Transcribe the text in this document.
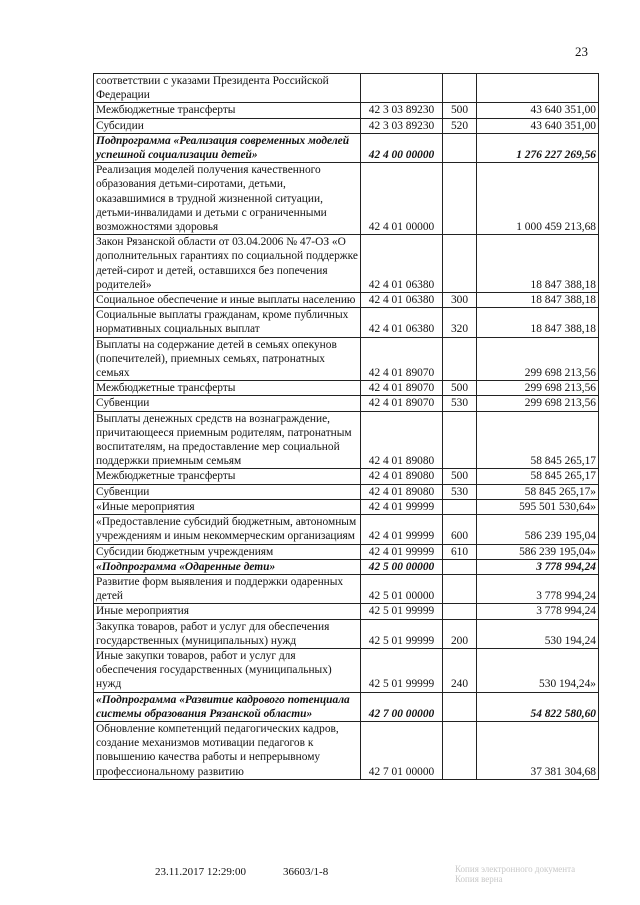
23
соответствии с указами Президента Российской Федерации			
Межбюджетные трансферты	42 3 03 89230	500	43 640 351,00
Субсидии	42 3 03 89230	520	43 640 351,00
Подпрограмма «Реализация современных моделей успешной социализации детей»	42 4 00 00000		1 276 227 269,56
Реализация моделей получения качественного образования детьми-сиротами, детьми, оказавшимися в трудной жизненной ситуации, детьми-инвалидами и детьми с ограниченными возможностями здоровья	42 4 01 00000		1 000 459 213,68
Закон Рязанской области от 03.04.2006 № 47-ОЗ «О дополнительных гарантиях по социальной поддержке детей-сирот и детей, оставшихся без попечения родителей»	42 4 01 06380		18 847 388,18
Социальное обеспечение и иные выплаты населению	42 4 01 06380	300	18 847 388,18
Социальные выплаты гражданам, кроме публичных нормативных социальных выплат	42 4 01 06380	320	18 847 388,18
Выплаты на содержание детей в семьях опекунов (попечителей), приемных семьях, патронатных семьях	42 4 01 89070		299 698 213,56
Межбюджетные трансферты	42 4 01 89070	500	299 698 213,56
Субвенции	42 4 01 89070	530	299 698 213,56
Выплаты денежных средств на вознаграждение, причитающееся приемным родителям, патронатным воспитателям, на предоставление мер социальной поддержки приемным семьям	42 4 01 89080		58 845 265,17
Межбюджетные трансферты	42 4 01 89080	500	58 845 265,17
Субвенции	42 4 01 89080	530	58 845 265,17»
«Иные мероприятия	42 4 01 99999		595 501 530,64»
«Предоставление субсидий бюджетным, автономным учреждениям и иным некоммерческим организациям	42 4 01 99999	600	586 239 195,04
Субсидии бюджетным учреждениям	42 4 01 99999	610	586 239 195,04»
«Подпрограмма «Одаренные дети»	42 5 00 00000		3 778 994,24
Развитие форм выявления и поддержки одаренных детей	42 5 01 00000		3 778 994,24
Иные мероприятия	42 5 01 99999		3 778 994,24
Закупка товаров, работ и услуг для обеспечения государственных (муниципальных) нужд	42 5 01 99999	200	530 194,24
Иные закупки товаров, работ и услуг для обеспечения государственных (муниципальных) нужд	42 5 01 99999	240	530 194,24»
«Подпрограмма «Развитие кадрового потенциала системы образования Рязанской области»	42 7 00 00000		54 822 580,60
Обновление компетенций педагогических кадров, создание механизмов мотивации педагогов к повышению качества работы и непрерывному профессиональному развитию	42 7 01 00000		37 381 304,68
23.11.2017 12:29:00	36603/1-8	Копия электронного документа
Копия верна
